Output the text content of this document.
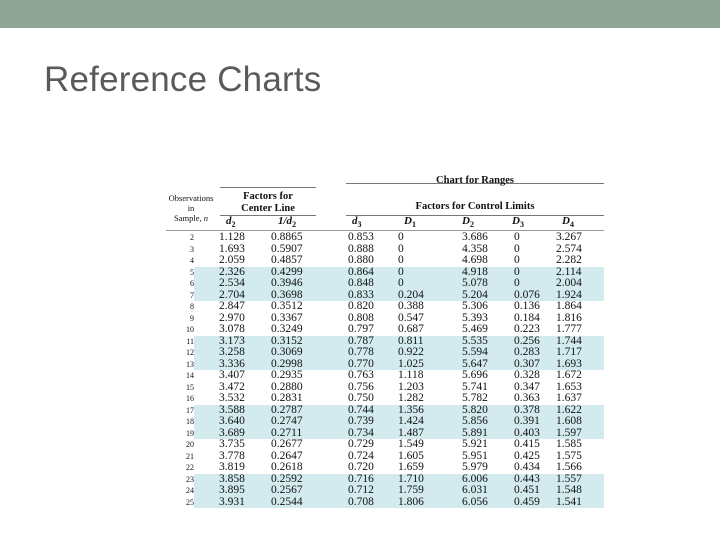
Reference Charts
Observations
in
Sample, n
Factors for
Center Line
Chart for Ranges
Factors for Control Limits
$d_2$	$1/d_2$	$d_3$	$D_1$	$D_2$	$D_3$	$D_4$
2 1.128 0.8865	0.853 0	3.686 0	3.267
3 1.693 0.5907	0.888 0	4.358 0	2.574
4 2.059 0.4857	0.880 0	4.698 0	2.282
5 2.326 0.4299	0.864 0	4.918 0	2.114
6 2.534 0.3946	0.848 0	5.078 0	2.004
7 2.704 0.3698	0.833 0.204	5.204 0.076 1.924
8 2.847 0.3512	0.820 0.388	5.306 0.136 1.864
9 2.970 0.3367	0.808 0.547	5.393 0.184 1.816
10 3.078 0.3249	0.797 0.687	5.469 0.223 1.777
11 3.173 0.3152	0.787 0.811	5.535 0.256 1.744
12 3.258 0.3069	0.778 0.922	5.594 0.283 1.717
13 3.336 0.2998	0.770 1.025	5.647 0.307 1.693
14 3.407 0.2935	0.763 1.118	5.696 0.328 1.672
15 3.472 0.2880	0.756 1.203	5.741 0.347 1.653
16 3.532 0.2831	0.750 1.282	5.782 0.363 1.637
17 3.588 0.2787	0.744 1.356	5.820 0.378 1.622
18 3.640 0.2747	0.739 1.424	5.856 0.391 1.608
19 3.689 0.2711	0.734 1.487	5.891 0.403 1.597
20 3.735 0.2677	0.729 1.549	5.921 0.415 1.585
21 3.778 0.2647	0.724 1.605	5.951 0.425 1.575
22 3.819 0.2618	0.720 1.659	5.979 0.434 1.566
23 3.858 0.2592	0.716 1.710	6.006 0.443 1.557
24 3.895 0.2567	0.712 1.759	6.031 0.451 1.548
25 3.931 0.2544	0.708 1.806	6.056 0.459 1.541
